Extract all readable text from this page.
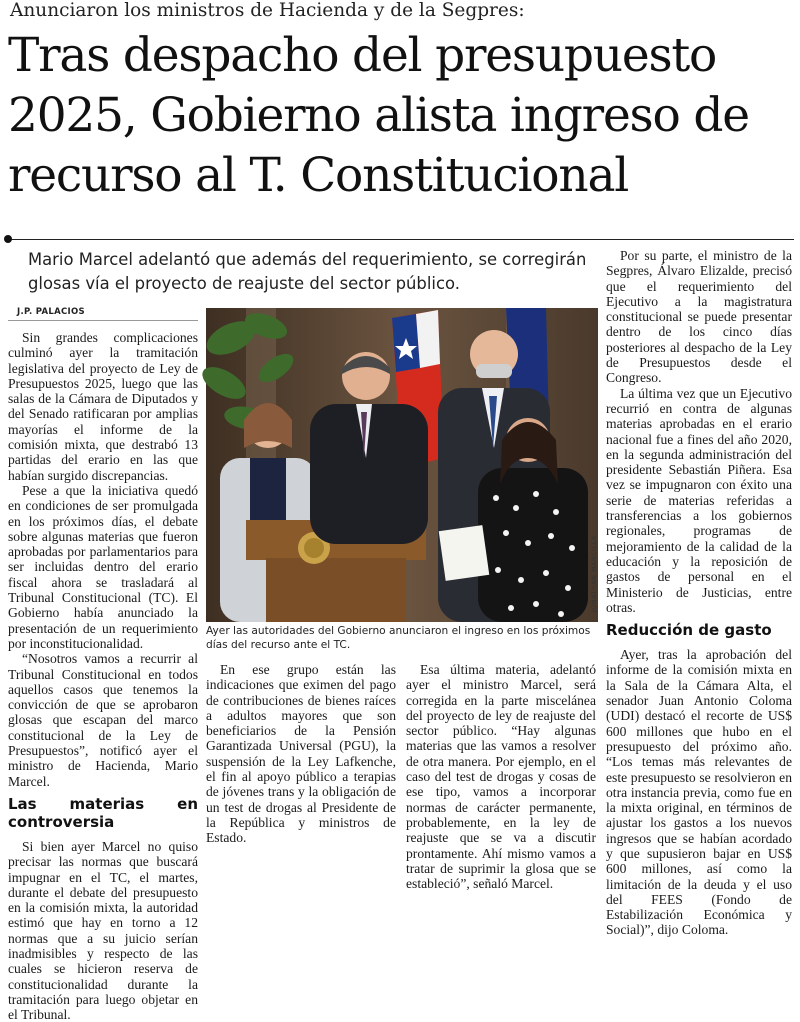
Anunciaron los ministros de Hacienda y de la Segpres:
Tras despacho del presupuesto 2025, Gobierno alista ingreso de recurso al T. Constitucional

Mario Marcel adelantó que además del requerimiento, se corregirán glosas vía el proyecto de reajuste del sector público.

J.P. PALACIOS

Sin grandes complicaciones culminó ayer la tramitación legislativa del proyecto de Ley de Presupuestos 2025, luego que las salas de la Cámara de Diputados y del Senado ratificaran por amplias mayorías el informe de la comisión mixta, que destrabó 13 partidas del erario en las que habían surgido discrepancias.

Pese a que la iniciativa quedó en condiciones de ser promulgada en los próximos días, el debate sobre algunas materias que fueron aprobadas por parlamentarios para ser incluidas dentro del erario fiscal ahora se trasladará al Tribunal Constitucional (TC). El Gobierno había anunciado la presentación de un requerimiento por inconstitucionalidad.

“Nosotros vamos a recurrir al Tribunal Constitucional en todos aquellos casos que tenemos la convicción de que se aprobaron glosas que escapan del marco constitucional de la Ley de Presupuestos”, notificó ayer el ministro de Hacienda, Mario Marcel.

Las materias en controversia

Si bien ayer Marcel no quiso precisar las normas que buscará impugnar en el TC, el martes, durante el debate del presupuesto en la comisión mixta, la autoridad estimó que hay en torno a 12 normas que a su juicio serían inadmisibles y respecto de las cuales se hicieron reserva de constitucionalidad durante la tramitación para luego objetar en el Tribunal.

JONATHAN MANCILLA

Ayer las autoridades del Gobierno anunciaron el ingreso en los próximos días del recurso ante el TC.

En ese grupo están las indicaciones que eximen del pago de contribuciones de bienes raíces a adultos mayores que son beneficiarios de la Pensión Garantizada Universal (PGU), la suspensión de la Ley Lafkenche, el fin al apoyo público a terapias de jóvenes trans y la obligación de un test de drogas al Presidente de la República y ministros de Estado.

Esa última materia, adelantó ayer el ministro Marcel, será corregida en la parte miscelánea del proyecto de ley de reajuste del sector público. “Hay algunas materias que las vamos a resolver de otra manera. Por ejemplo, en el caso del test de drogas y cosas de ese tipo, vamos a incorporar normas de carácter permanente, probablemente, en la ley de reajuste que se va a discutir prontamente. Ahí mismo vamos a tratar de suprimir la glosa que se estableció”, señaló Marcel.

Por su parte, el ministro de la Segpres, Álvaro Elizalde, precisó que el requerimiento del Ejecutivo a la magistratura constitucional se puede presentar dentro de los cinco días posteriores al despacho de la Ley de Presupuestos desde el Congreso.

La última vez que un Ejecutivo recurrió en contra de algunas materias aprobadas en el erario nacional fue a fines del año 2020, en la segunda administración del presidente Sebastián Piñera. Esa vez se impugnaron con éxito una serie de materias referidas a transferencias a los gobiernos regionales, programas de mejoramiento de la calidad de la educación y la reposición de gastos de personal en el Ministerio de Justicias, entre otras.

Reducción de gasto

Ayer, tras la aprobación del informe de la comisión mixta en la Sala de la Cámara Alta, el senador Juan Antonio Coloma (UDI) destacó el recorte de US$ 600 millones que hubo en el presupuesto del próximo año. “Los temas más relevantes de este presupuesto se resolvieron en otra instancia previa, como fue en la mixta original, en términos de ajustar los gastos a los nuevos ingresos que se habían acordado y que supusieron bajar en US$ 600 millones, así como la limitación de la deuda y el uso del FEES (Fondo de Estabilización Económica y Social)”, dijo Coloma.
